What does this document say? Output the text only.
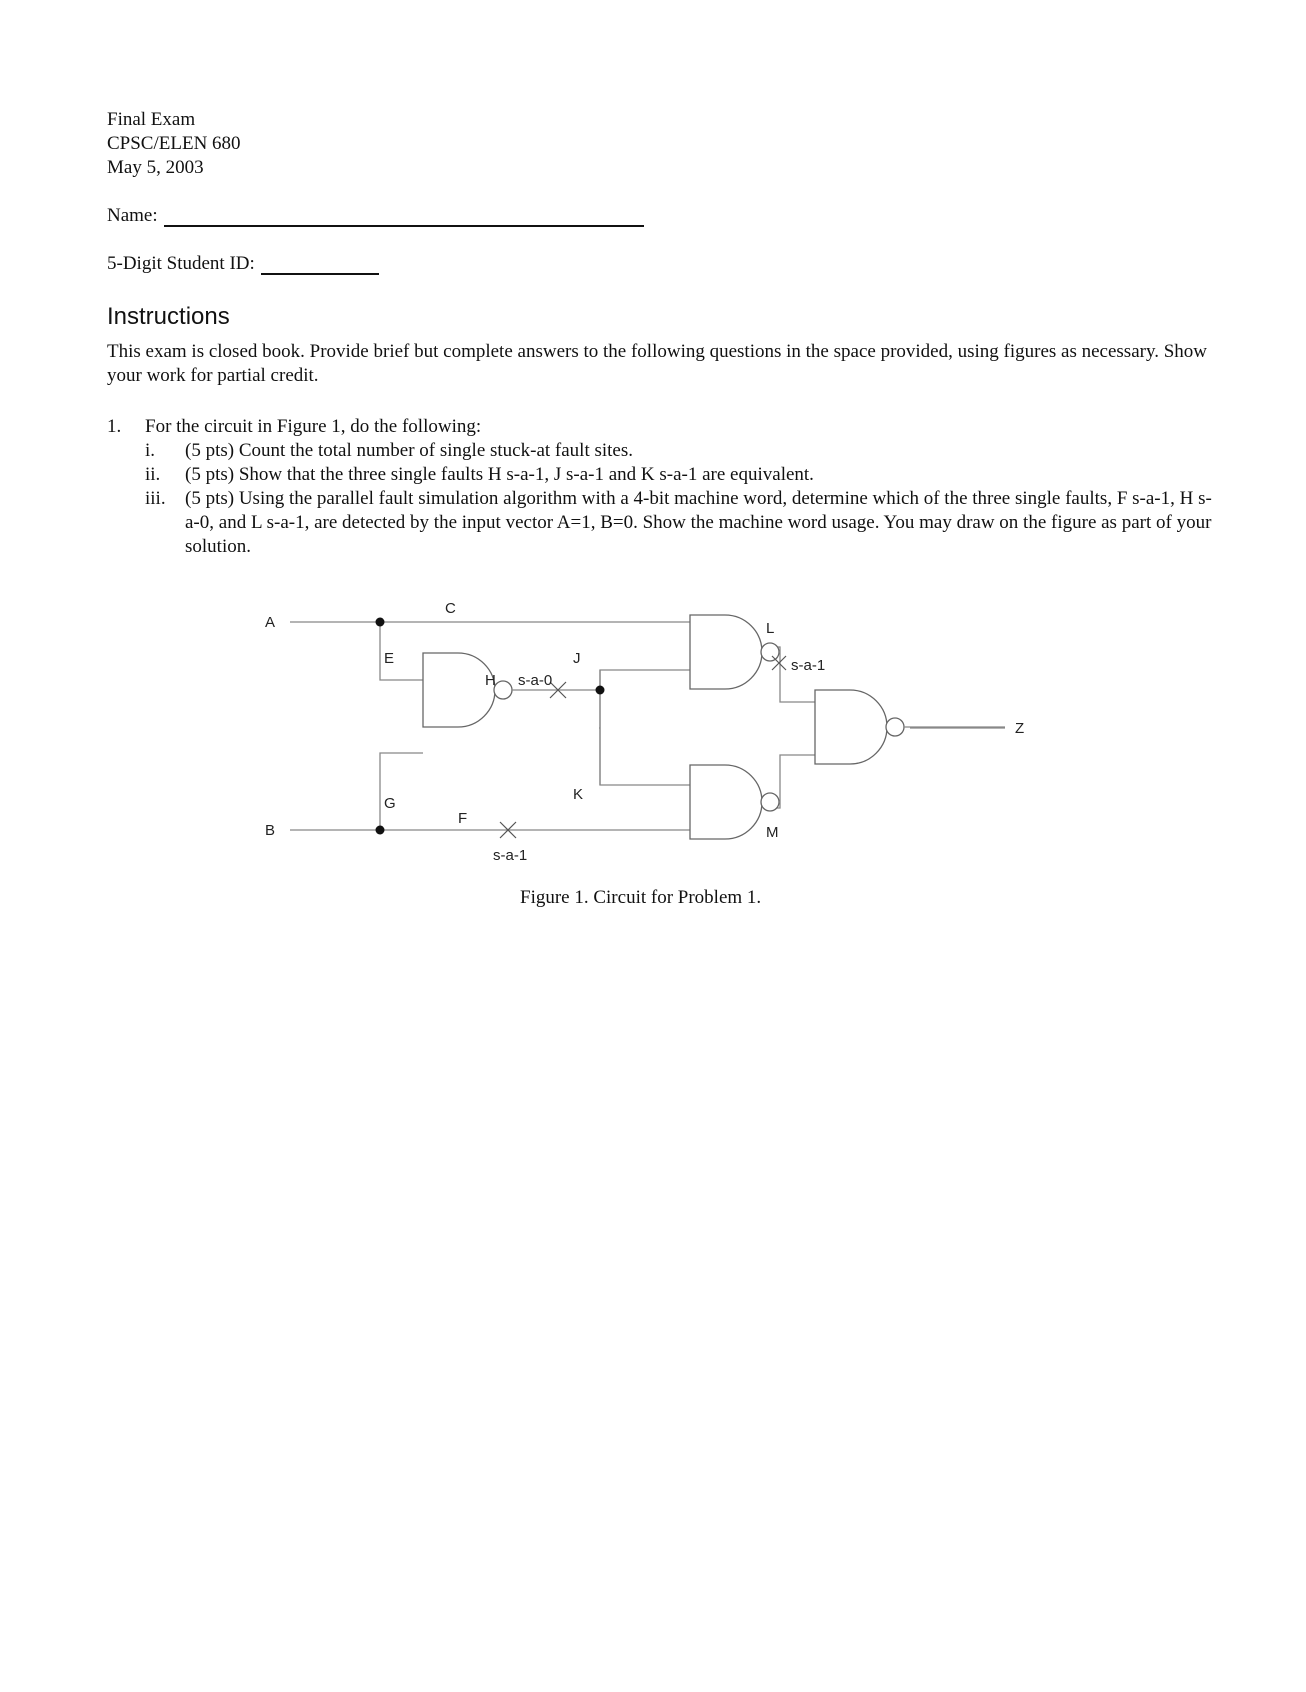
Final Exam
CPSC/ELEN 680
May 5, 2003
Name:
5-Digit Student ID:
Instructions
This exam is closed book. Provide brief but complete answers to the following questions in the space provided, using figures as necessary. Show your work for partial credit.
1. For the circuit in Figure 1, do the following:
i.	(5 pts) Count the total number of single stuck-at fault sites.
ii.	(5 pts) Show that the three single faults H s-a-1, J s-a-1 and K s-a-1 are equivalent.
iii.	(5 pts) Using the parallel fault simulation algorithm with a 4-bit machine word, determine which of the three single faults, F s-a-1, H s-a-0, and L s-a-1, are detected by the input vector A=1, B=0. Show the machine word usage. You may draw on the figure as part of your solution.
A
B
C
E
G
F
H s-a-0
J
K
L
s-a-1
M
s-a-1
Z
Figure 1. Circuit for Problem 1.
